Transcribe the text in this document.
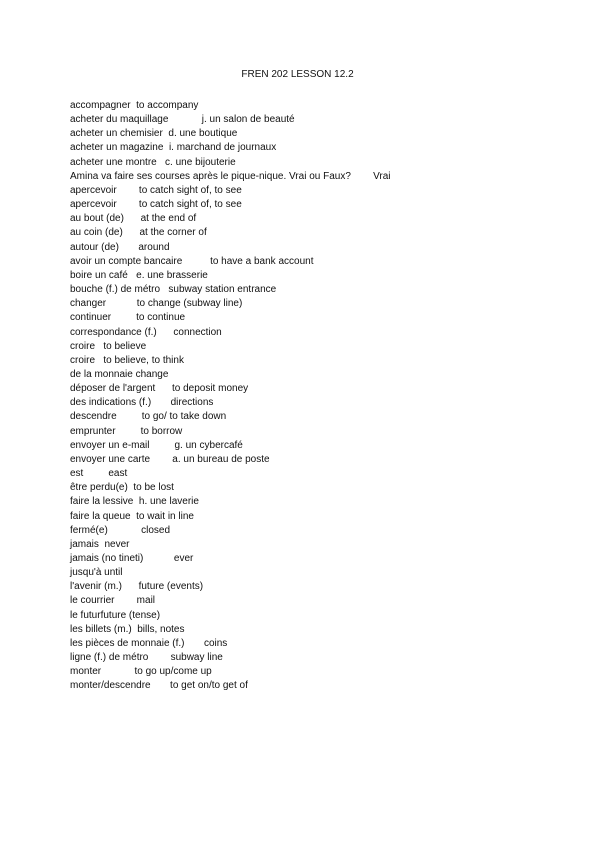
FREN 202 LESSON 12.2
accompagner  to accompany
acheter du maquillage            j. un salon de beauté
acheter un chemisier  d. une boutique
acheter un magazine  i. marchand de journaux
acheter une montre   c. une bijouterie
Amina va faire ses courses après le pique-nique. Vrai ou Faux?        Vrai
apercevoir        to catch sight of, to see
apercevoir        to catch sight of, to see
au bout (de)      at the end of
au coin (de)      at the corner of
autour (de)       around
avoir un compte bancaire          to have a bank account
boire un café   e. une brasserie
bouche (f.) de métro   subway station entrance
changer           to change (subway line)
continuer         to continue
correspondance (f.)      connection
croire   to believe
croire   to believe, to think
de la monnaie change
déposer de l'argent      to deposit money
des indications (f.)       directions
descendre         to go/ to take down
emprunter         to borrow
envoyer un e-mail         g. un cybercafé
envoyer une carte        a. un bureau de poste
est         east
être perdu(e)  to be lost
faire la lessive  h. une laverie
faire la queue  to wait in line
fermé(e)            closed
jamais  never
jamais (no tineti)           ever
jusqu'à until
l'avenir (m.)      future (events)
le courrier        mail
le futurfuture (tense)
les billets (m.)  bills, notes
les pièces de monnaie (f.)       coins
ligne (f.) de métro        subway line
monter            to go up/come up
monter/descendre       to get on/to get of
